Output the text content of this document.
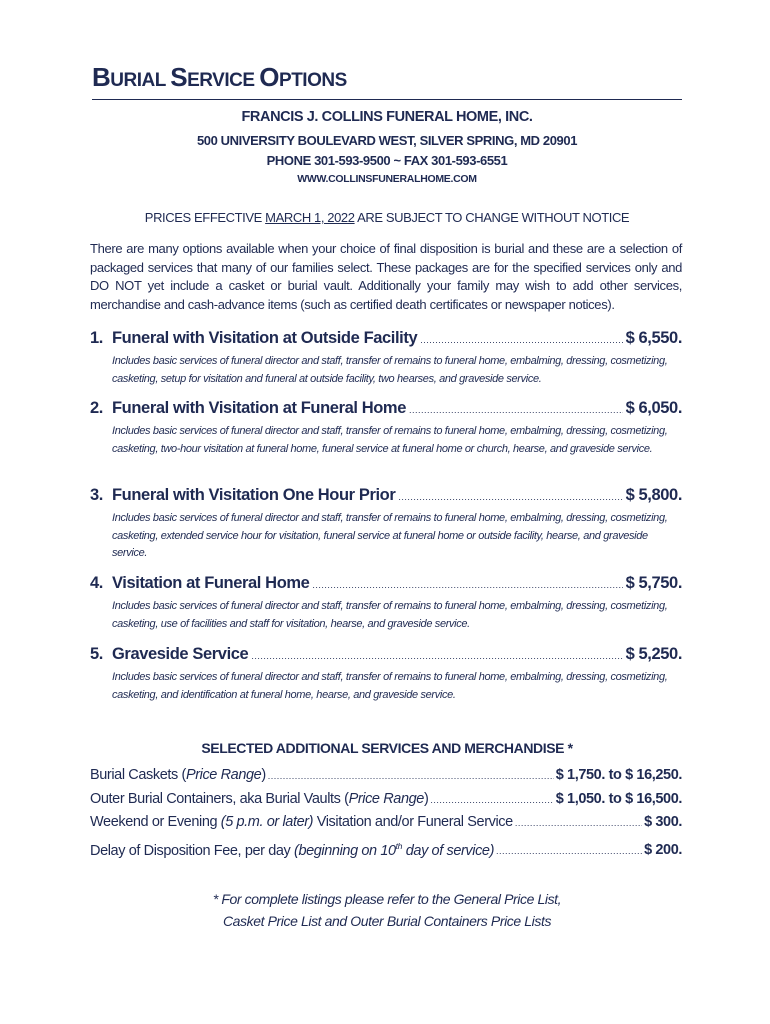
BURIAL SERVICE OPTIONS
FRANCIS J. COLLINS FUNERAL HOME, INC.
500 UNIVERSITY BOULEVARD WEST, SILVER SPRING, MD 20901
PHONE 301-593-9500 ~ FAX 301-593-6551
WWW.COLLINSFUNERALHOME.COM
PRICES EFFECTIVE MARCH 1, 2022 ARE SUBJECT TO CHANGE WITHOUT NOTICE
There are many options available when your choice of final disposition is burial and these are a selection of packaged services that many of our families select. These packages are for the specified services only and DO NOT yet include a casket or burial vault. Additionally your family may wish to add other services, merchandise and cash-advance items (such as certified death certificates or newspaper notices).
1. Funeral with Visitation at Outside Facility .....	$ 6,550.
Includes basic services of funeral director and staff, transfer of remains to funeral home, embalming, dressing, cosmetizing, casketing, setup for visitation and funeral at outside facility, two hearses, and graveside service.
2. Funeral with Visitation at Funeral Home .....	$ 6,050.
Includes basic services of funeral director and staff, transfer of remains to funeral home, embalming, dressing, cosmetizing, casketing, two-hour visitation at funeral home, funeral service at funeral home or church, hearse, and graveside service.
3. Funeral with Visitation One Hour Prior .....	$ 5,800.
Includes basic services of funeral director and staff, transfer of remains to funeral home, embalming, dressing, cosmetizing, casketing, extended service hour for visitation, funeral service at funeral home or outside facility, hearse, and graveside service.
4. Visitation at Funeral Home .....	$ 5,750.
Includes basic services of funeral director and staff, transfer of remains to funeral home, embalming, dressing, cosmetizing, casketing, use of facilities and staff for visitation, hearse, and graveside service.
5. Graveside Service .....	$ 5,250.
Includes basic services of funeral director and staff, transfer of remains to funeral home, embalming, dressing, cosmetizing, casketing, and identification at funeral home, hearse, and graveside service.
SELECTED ADDITIONAL SERVICES AND MERCHANDISE *
Burial Caskets (Price Range) .....	$ 1,750. to $ 16,250.
Outer Burial Containers, aka Burial Vaults (Price Range) .....	$ 1,050. to $ 16,500.
Weekend or Evening (5 p.m. or later) Visitation and/or Funeral Service .....	$ 300.
Delay of Disposition Fee, per day (beginning on 10th day of service) .....	$ 200.
* For complete listings please refer to the General Price List,
Casket Price List and Outer Burial Containers Price Lists
